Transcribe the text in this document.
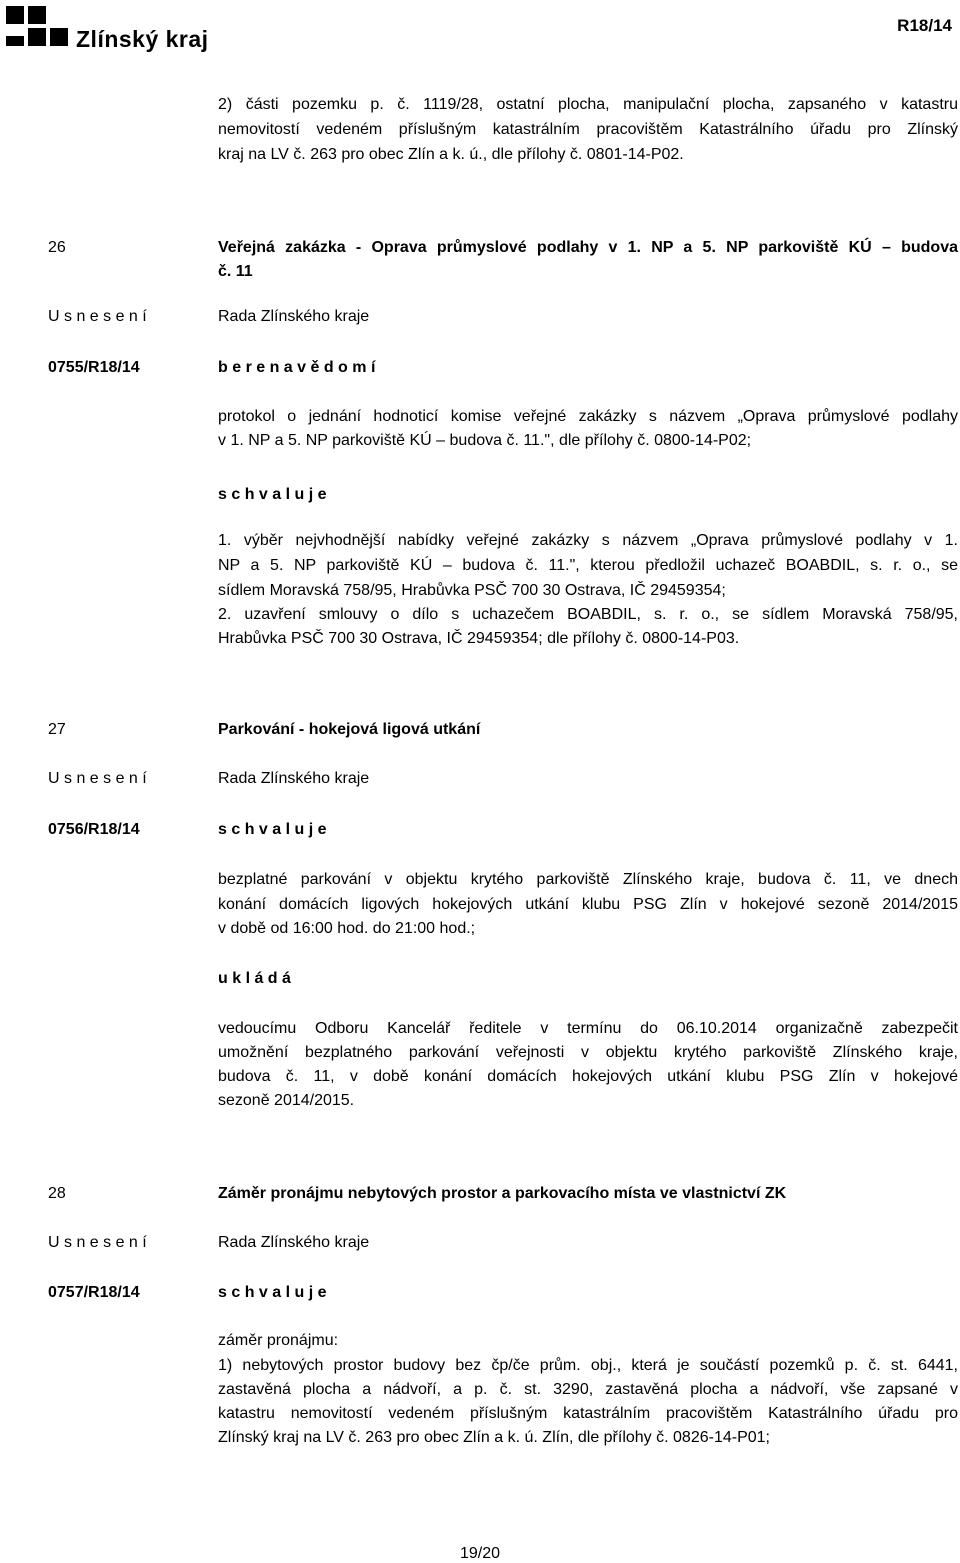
Zlínský kraj
R18/14
2) části pozemku p. č. 1119/28, ostatní plocha, manipulační plocha, zapsaného v katastru
nemovitostí vedeném příslušným katastrálním pracovištěm Katastrálního úřadu pro Zlínský
kraj na LV č. 263 pro obec Zlín a k. ú., dle přílohy č. 0801-14-P02.
26	Veřejná zakázka - Oprava průmyslové podlahy v 1. NP a 5. NP parkoviště KÚ – budova
č. 11
U s n e s e n í	Rada Zlínského kraje
0755/R18/14	b e r e n a v ě d o m í
protokol o jednání hodnoticí komise veřejné zakázky s názvem „Oprava průmyslové podlahy
v 1. NP a 5. NP parkoviště KÚ – budova č. 11.", dle přílohy č. 0800-14-P02;
s c h v a l u j e
1. výběr nejvhodnější nabídky veřejné zakázky s názvem „Oprava průmyslové podlahy v 1.
NP a 5. NP parkoviště KÚ – budova č. 11.", kterou předložil uchazeč BOABDIL, s. r. o., se
sídlem Moravská 758/95, Hrabůvka PSČ 700 30 Ostrava, IČ 29459354;
2. uzavření smlouvy o dílo s uchazečem BOABDIL, s. r. o., se sídlem Moravská 758/95,
Hrabůvka PSČ 700 30 Ostrava, IČ 29459354; dle přílohy č. 0800-14-P03.
27	Parkování - hokejová ligová utkání
U s n e s e n í	Rada Zlínského kraje
0756/R18/14	s c h v a l u j e
bezplatné parkování v objektu krytého parkoviště Zlínského kraje, budova č. 11, ve dnech
konání domácích ligových hokejových utkání klubu PSG Zlín v hokejové sezoně 2014/2015
v době od 16:00 hod. do 21:00 hod.;
u k l á d á
vedoucímu Odboru Kancelář ředitele v termínu do 06.10.2014 organizačně zabezpečit
umožnění bezplatného parkování veřejnosti v objektu krytého parkoviště Zlínského kraje,
budova č. 11, v době konání domácích hokejových utkání klubu PSG Zlín v hokejové
sezoně 2014/2015.
28	Záměr pronájmu nebytových prostor a parkovacího místa ve vlastnictví ZK
U s n e s e n í	Rada Zlínského kraje
0757/R18/14	s c h v a l u j e
záměr pronájmu:
1) nebytových prostor budovy bez čp/če prům. obj., která je součástí pozemků p. č. st. 6441,
zastavěná plocha a nádvoří, a p. č. st. 3290, zastavěná plocha a nádvoří, vše zapsané v
katastru nemovitostí vedeném příslušným katastrálním pracovištěm Katastrálního úřadu pro
Zlínský kraj na LV č. 263 pro obec Zlín a k. ú. Zlín, dle přílohy č. 0826-14-P01;
19/20
